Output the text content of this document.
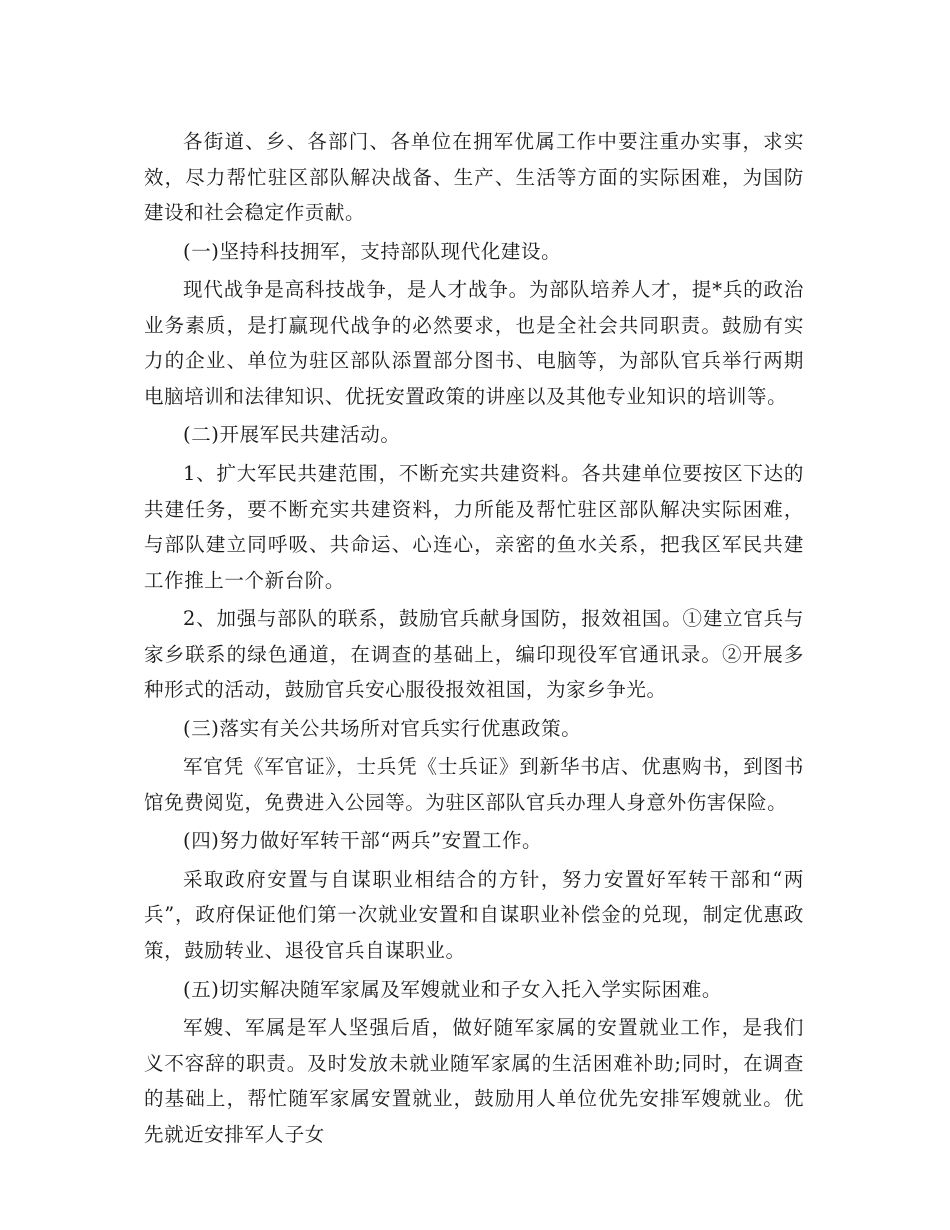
各街道、乡、各部门、各单位在拥军优属工作中要注重办实事，求实效，尽力帮忙驻区部队解决战备、生产、生活等方面的实际困难，为国防建设和社会稳定作贡献。

(一)坚持科技拥军，支持部队现代化建设。

现代战争是高科技战争，是人才战争。为部队培养人才，提*兵的政治业务素质，是打赢现代战争的必然要求，也是全社会共同职责。鼓励有实力的企业、单位为驻区部队添置部分图书、电脑等，为部队官兵举行两期电脑培训和法律知识、优抚安置政策的讲座以及其他专业知识的培训等。

(二)开展军民共建活动。

1、扩大军民共建范围，不断充实共建资料。各共建单位要按区下达的共建任务，要不断充实共建资料，力所能及帮忙驻区部队解决实际困难，与部队建立同呼吸、共命运、心连心，亲密的鱼水关系，把我区军民共建工作推上一个新台阶。

2、加强与部队的联系，鼓励官兵献身国防，报效祖国。①建立官兵与家乡联系的绿色通道，在调查的基础上，编印现役军官通讯录。②开展多种形式的活动，鼓励官兵安心服役报效祖国，为家乡争光。

(三)落实有关公共场所对官兵实行优惠政策。

军官凭《军官证》，士兵凭《士兵证》到新华书店、优惠购书，到图书馆免费阅览，免费进入公园等。为驻区部队官兵办理人身意外伤害保险。

(四)努力做好军转干部“两兵”安置工作。

采取政府安置与自谋职业相结合的方针，努力安置好军转干部和“两兵”，政府保证他们第一次就业安置和自谋职业补偿金的兑现，制定优惠政策，鼓励转业、退役官兵自谋职业。

(五)切实解决随军家属及军嫂就业和子女入托入学实际困难。

军嫂、军属是军人坚强后盾，做好随军家属的安置就业工作，是我们义不容辞的职责。及时发放未就业随军家属的生活困难补助;同时，在调查的基础上，帮忙随军家属安置就业，鼓励用人单位优先安排军嫂就业。优先就近安排军人子女
